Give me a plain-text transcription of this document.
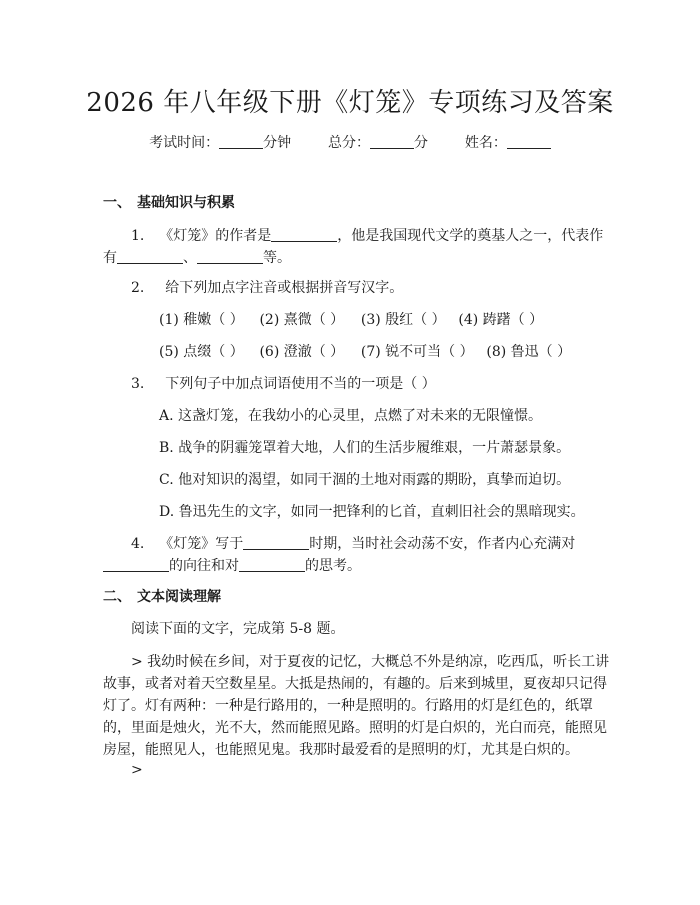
2026 年八年级下册《灯笼》专项练习及答案
考试时间：	分钟	总分：	分	姓名：
一、 基础知识与积累
1. 《灯笼》的作者是	，他是我国现代文学的奠基人之一，代表作
有	、	等。
2. 给下列加点字注音或根据拼音写汉字。
(1) 稚嫩（ ） (2) 熹微（ ） (3) 殷红（ ） (4) 踌躇（ ）
(5) 点缀（ ） (6) 澄澈（ ） (7) 锐不可当（ ） (8) 鲁迅（ ）
3. 下列句子中加点词语使用不当的一项是（ ）
A. 这盏灯笼，在我幼小的心灵里，点燃了对未来的无限憧憬。
B. 战争的阴霾笼罩着大地，人们的生活步履维艰，一片萧瑟景象。
C. 他对知识的渴望，如同干涸的土地对雨露的期盼，真挚而迫切。
D. 鲁迅先生的文字，如同一把锋利的匕首，直刺旧社会的黑暗现实。
4. 《灯笼》写于	时期，当时社会动荡不安，作者内心充满对
的向往和对	的思考。
二、 文本阅读理解
阅读下面的文字，完成第 5-8 题。
> 我幼时候在乡间，对于夏夜的记忆，大概总不外是纳凉，吃西瓜，听长工讲
故事，或者对着天空数星星。大抵是热闹的，有趣的。后来到城里，夏夜却只记得
灯了。灯有两种：一种是行路用的，一种是照明的。行路用的灯是红色的，纸罩
的，里面是烛火，光不大，然而能照见路。照明的灯是白炽的，光白而亮，能照见
房屋，能照见人，也能照见鬼。我那时最爱看的是照明的灯，尤其是白炽的。
>
